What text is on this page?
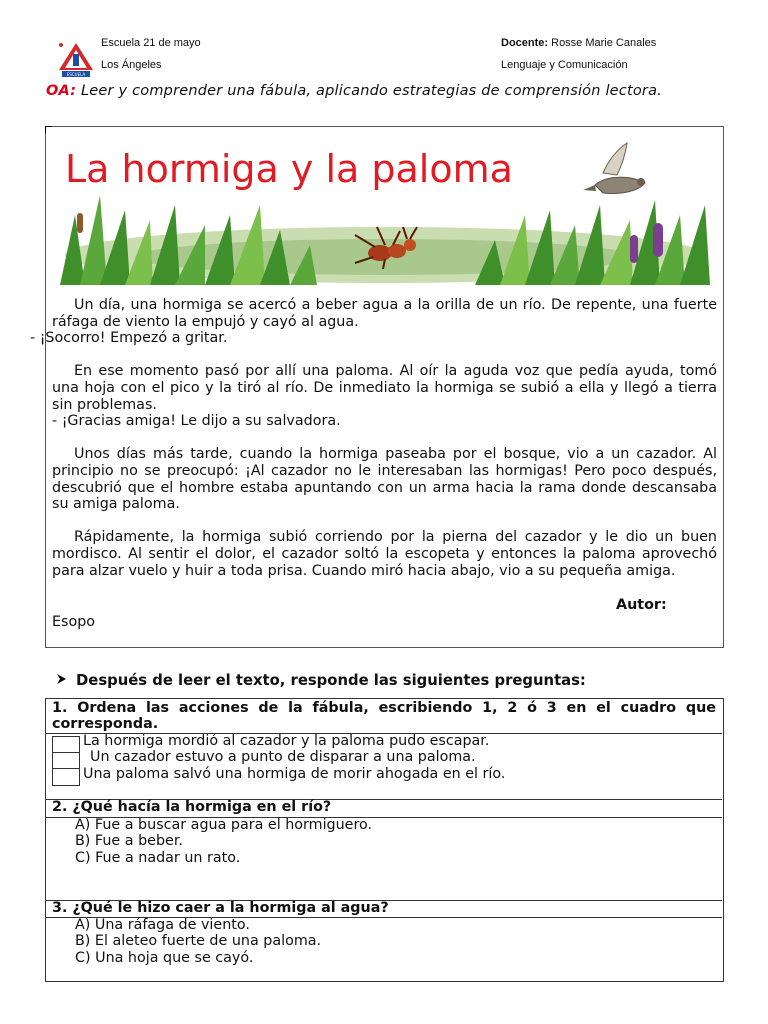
ESCUELA
Escuela 21 de mayo
Los Ángeles
Docente: Rosse Marie Canales
Lenguaje y Comunicación
OA: Leer y comprender una fábula, aplicando estrategias de comprensión lectora.
La hormiga y la paloma

Un día, una hormiga se acercó a beber agua a la orilla de un río. De repente, una fuerte ráfaga de viento la empujó y cayó al agua.
- ¡Socorro! Empezó a gritar.

En ese momento pasó por allí una paloma. Al oír la aguda voz que pedía ayuda, tomó una hoja con el pico y la tiró al río. De inmediato la hormiga se subió a ella y llegó a tierra sin problemas.
- ¡Gracias amiga! Le dijo a su salvadora.

Unos días más tarde, cuando la hormiga paseaba por el bosque, vio a un cazador. Al principio no se preocupó: ¡Al cazador no le interesaban las hormigas! Pero poco después, descubrió que el hombre estaba apuntando con un arma hacia la rama donde descansaba su amiga paloma.

Rápidamente, la hormiga subió corriendo por la pierna del cazador y le dio un buen mordisco. Al sentir el dolor, el cazador soltó la escopeta y entonces la paloma aprovechó para alzar vuelo y huir a toda prisa. Cuando miró hacia abajo, vio a su pequeña amiga.

Autor:
Esopo
Después de leer el texto, responde las siguientes preguntas:
1. Ordena las acciones de la fábula, escribiendo 1, 2 ó 3 en el cuadro que corresponda.
La hormiga mordió al cazador y la paloma pudo escapar.
Un cazador estuvo a punto de disparar a una paloma.
Una paloma salvó una hormiga de morir ahogada en el río.
2. ¿Qué hacía la hormiga en el río?
A) Fue a buscar agua para el hormiguero.
B) Fue a beber.
C) Fue a nadar un rato.
3. ¿Qué le hizo caer a la hormiga al agua?
A) Una ráfaga de viento.
B) El aleteo fuerte de una paloma.
C) Una hoja que se cayó.
